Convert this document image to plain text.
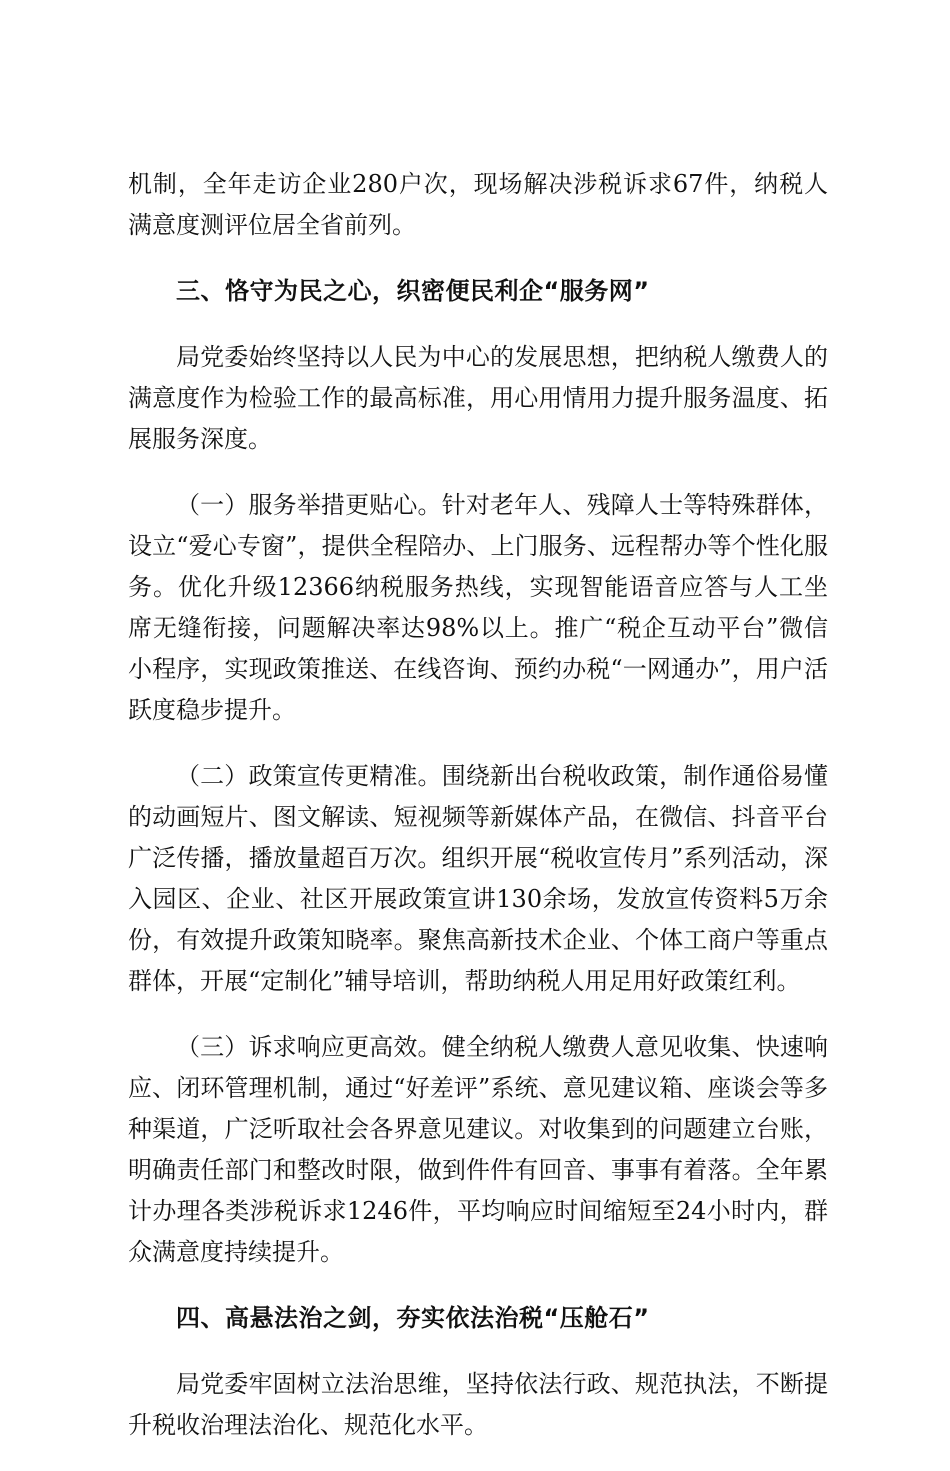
机制，全年走访企业280户次，现场解决涉税诉求67件，纳税人满意度测评位居全省前列。

三、恪守为民之心，织密便民利企“服务网”

局党委始终坚持以人民为中心的发展思想，把纳税人缴费人的满意度作为检验工作的最高标准，用心用情用力提升服务温度、拓展服务深度。

（一）服务举措更贴心。针对老年人、残障人士等特殊群体，设立“爱心专窗”，提供全程陪办、上门服务、远程帮办等个性化服务。优化升级12366纳税服务热线，实现智能语音应答与人工坐席无缝衔接，问题解决率达98%以上。推广“税企互动平台”微信小程序，实现政策推送、在线咨询、预约办税“一网通办”，用户活跃度稳步提升。

（二）政策宣传更精准。围绕新出台税收政策，制作通俗易懂的动画短片、图文解读、短视频等新媒体产品，在微信、抖音平台广泛传播，播放量超百万次。组织开展“税收宣传月”系列活动，深入园区、企业、社区开展政策宣讲130余场，发放宣传资料5万余份，有效提升政策知晓率。聚焦高新技术企业、个体工商户等重点群体，开展“定制化”辅导培训，帮助纳税人用足用好政策红利。

（三）诉求响应更高效。健全纳税人缴费人意见收集、快速响应、闭环管理机制，通过“好差评”系统、意见建议箱、座谈会等多种渠道，广泛听取社会各界意见建议。对收集到的问题建立台账，明确责任部门和整改时限，做到件件有回音、事事有着落。全年累计办理各类涉税诉求1246件，平均响应时间缩短至24小时内，群众满意度持续提升。

四、高悬法治之剑，夯实依法治税“压舱石”

局党委牢固树立法治思维，坚持依法行政、规范执法，不断提升税收治理法治化、规范化水平。
